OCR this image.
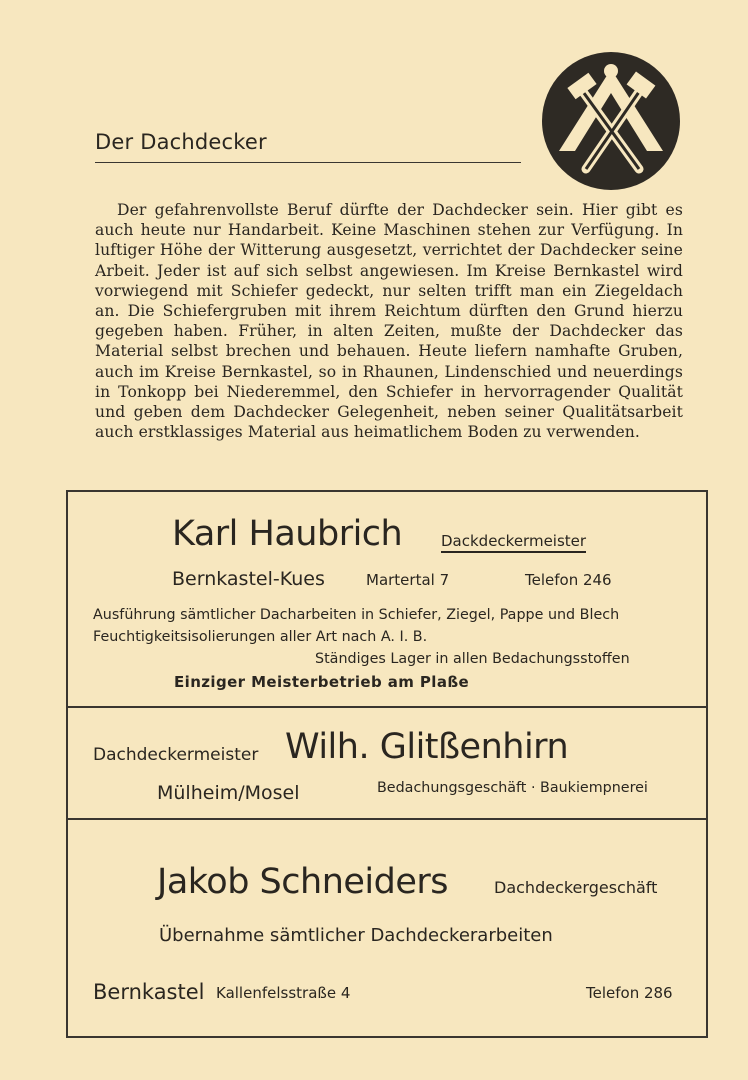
Der Dachdecker
Der gefahrenvollste Beruf dürfte der Dachdecker sein. Hier gibt es auch heute nur Handarbeit. Keine Maschinen stehen zur Verfügung. In luftiger Höhe der Witterung ausgesetzt, verrichtet der Dachdecker seine Arbeit. Jeder ist auf sich selbst angewiesen. Im Kreise Bernkastel wird vorwiegend mit Schiefer gedeckt, nur selten trifft man ein Ziegeldach an. Die Schiefergruben mit ihrem Reichtum dürften den Grund hierzu gegeben haben. Früher, in alten Zeiten, mußte der Dachdecker das Material selbst brechen und behauen. Heute liefern namhafte Gruben, auch im Kreise Bernkastel, so in Rhaunen, Lindenschied und neuerdings in Tonkopp bei Niederemmel, den Schiefer in hervorragender Qualität und geben dem Dachdecker Gelegenheit, neben seiner Qualitätsarbeit auch erstklassiges Material aus heimatlichem Boden zu verwenden.
Karl Haubrich	Dackdeckermeister
Bernkastel-Kues	Martertal 7	Telefon 246
Ausführung sämtlicher Dacharbeiten in Schiefer, Ziegel, Pappe und Blech
Feuchtigkeitsisolierungen aller Art nach A. I. B.
Ständiges Lager in allen Bedachungsstoffen
Einziger Meisterbetrieb am Plaße
Dachdeckermeister Wilh. Glitßenhirn
Mülheim/Mosel	Bedachungsgeschäft · Baukiempnerei
Jakob Schneiders	Dachdeckergeschäft
Übernahme sämtlicher Dachdeckerarbeiten
Bernkastel Kallenfelsstraße 4	Telefon 286
